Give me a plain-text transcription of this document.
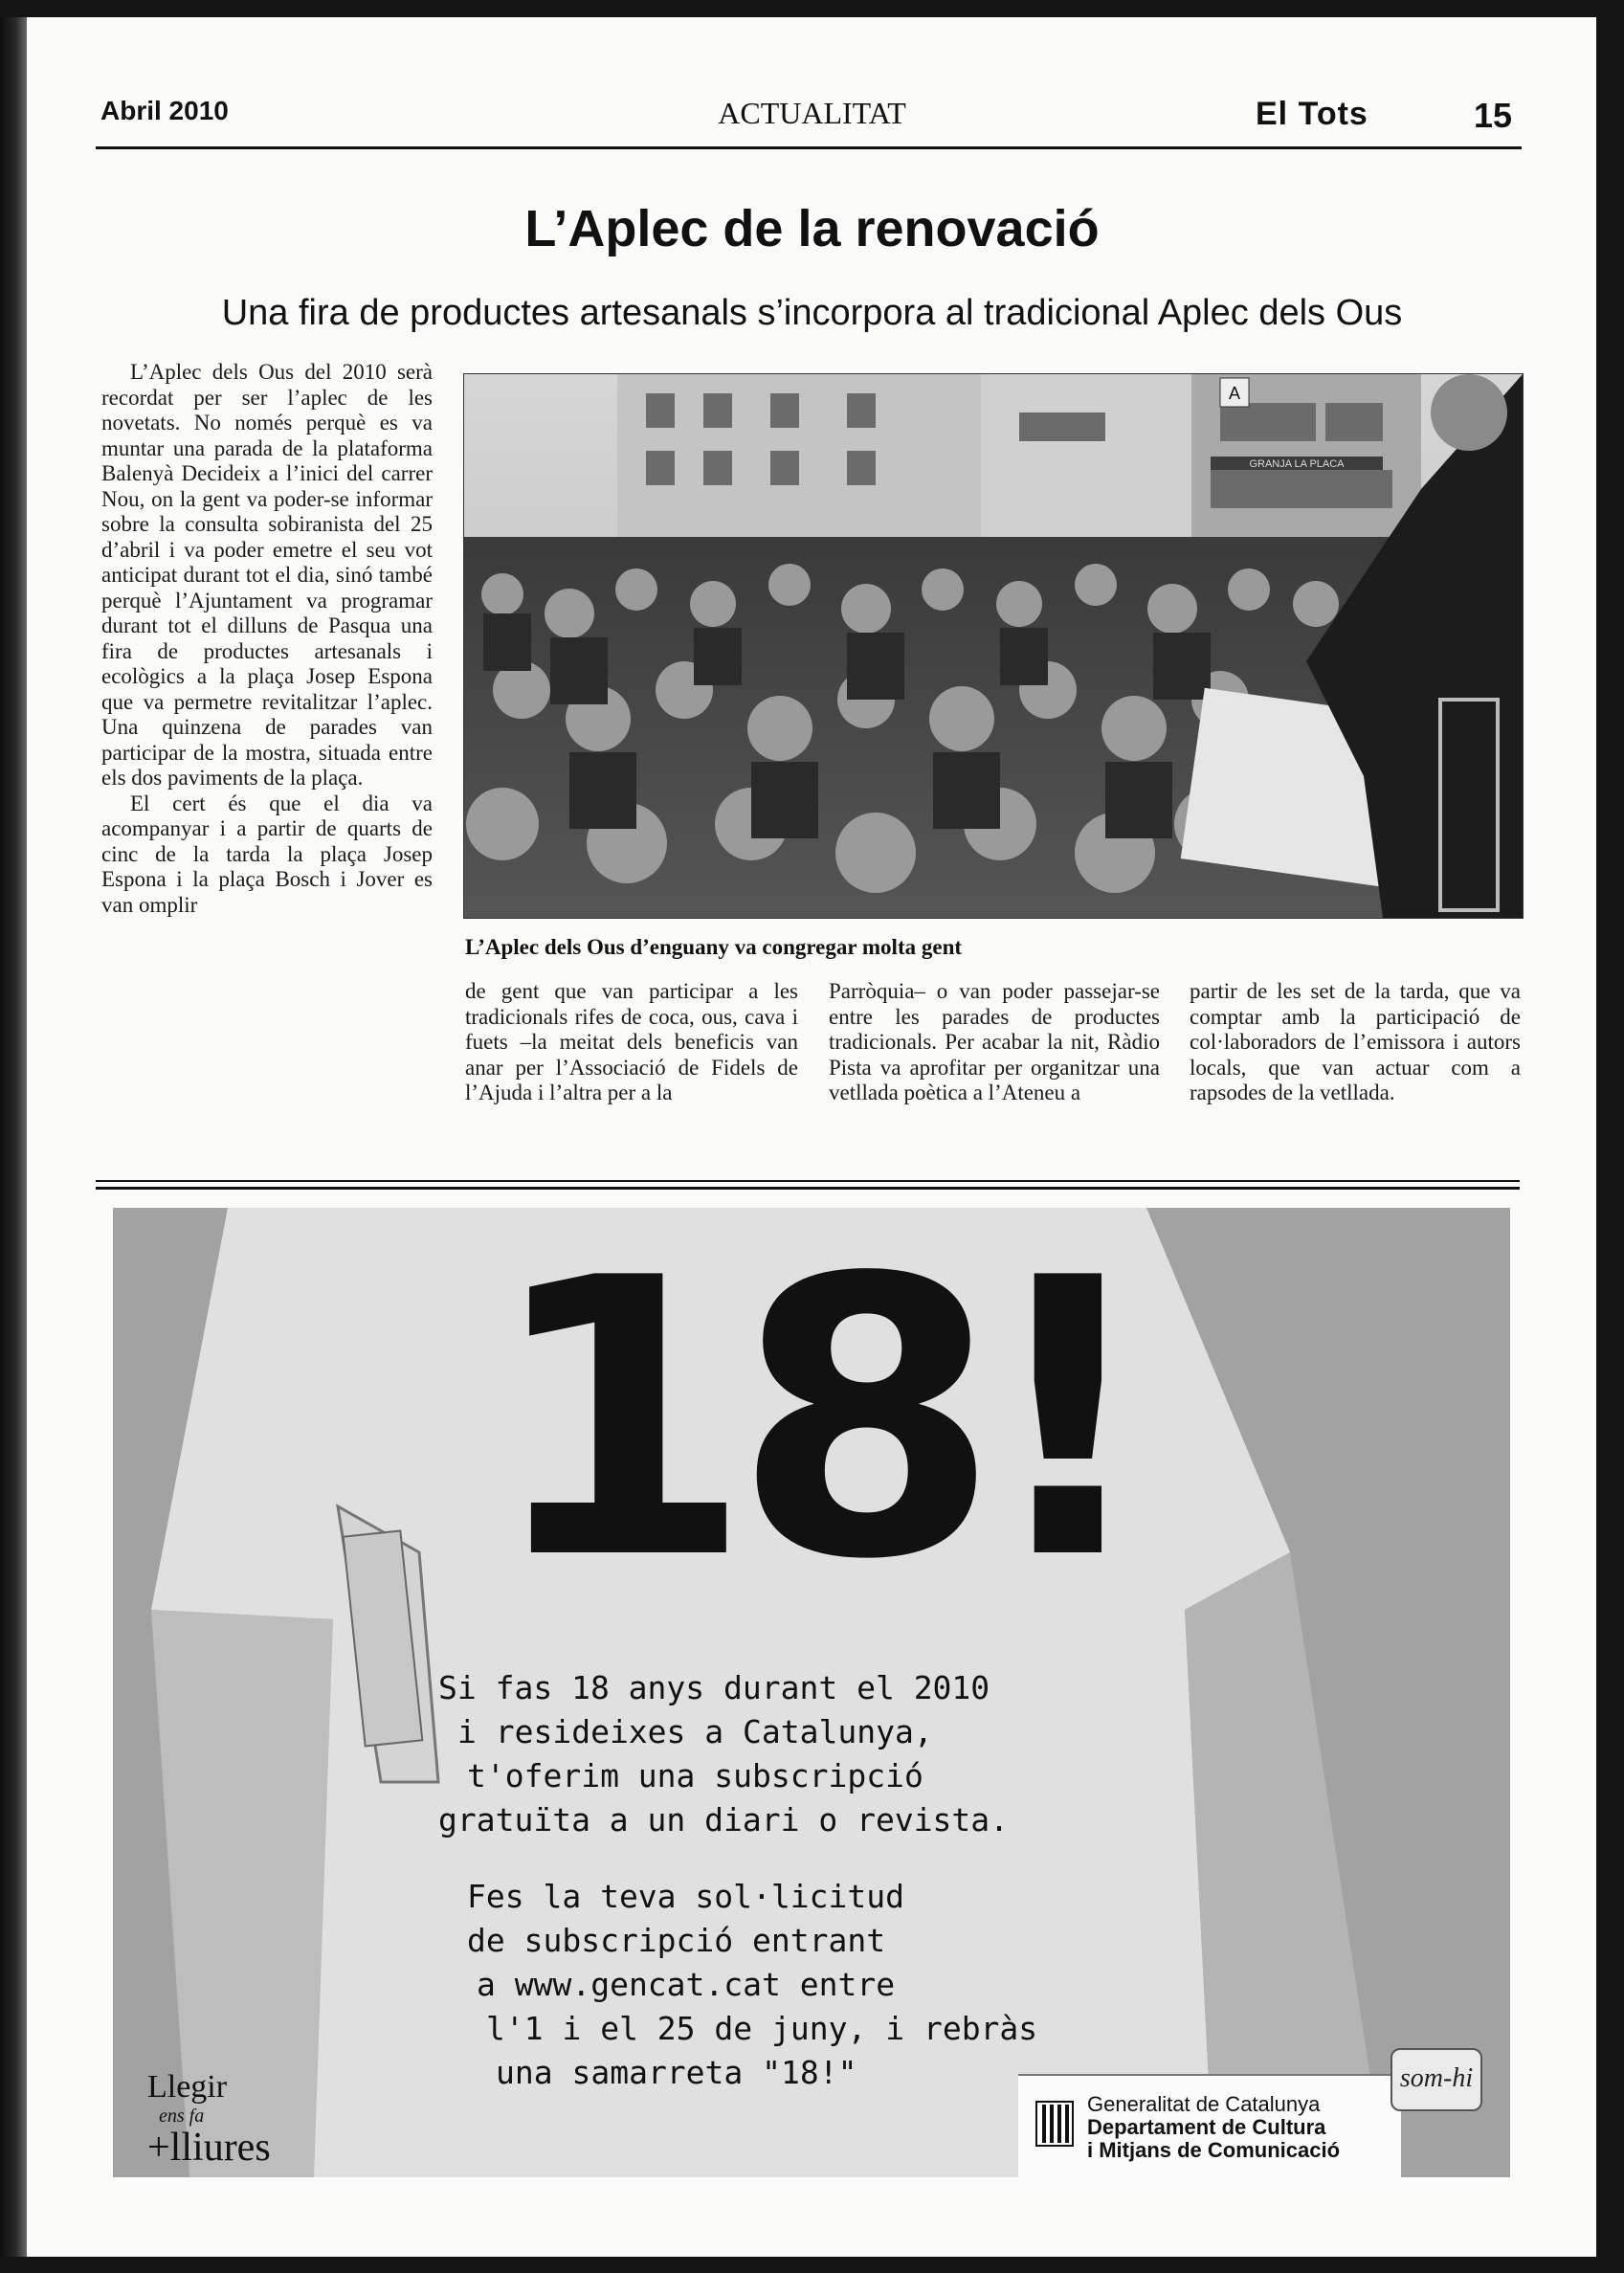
Abril 2010	ACTUALITAT	El Tots	15
L’Aplec de la renovació
Una fira de productes artesanals s’incorpora al tradicional Aplec dels Ous

L’Aplec dels Ous del 2010 serà recordat per ser l’aplec de les novetats. No només perquè es va muntar una parada de la plataforma Balenyà Decideix a l’inici del carrer Nou, on la gent va poder-se informar sobre la consulta sobiranista del 25 d’abril i va poder emetre el seu vot anticipat durant tot el dia, sinó també perquè l’Ajuntament va programar durant tot el dilluns de Pasqua una fira de productes artesanals i ecològics a la plaça Josep Espona que va permetre revitalitzar l’aplec. Una quinzena de parades van participar de la mostra, situada entre els dos paviments de la plaça.

El cert és que el dia va acompanyar i a partir de quarts de cinc de la tarda la plaça Josep Espona i la plaça Bosch i Jover es van omplir

GRANJA LA PLACA
A
L’Aplec dels Ous d’enguany va congregar molta gent

de gent que van participar a les tradicionals rifes de coca, ous, cava i fuets –la meitat dels beneficis van anar per l’Associació de Fidels de l’Ajuda i l’altra per a la

Parròquia– o van poder passejar-se entre les parades de productes tradicionals. Per acabar la nit, Ràdio Pista va aprofitar per organitzar una vetllada poètica a l’Ateneu a

partir de les set de la tarda, que va comptar amb la participació de col·laboradors de l’emissora i autors locals, que van actuar com a rapsodes de la vetllada.

18!
Si fas 18 anys durant el 2010
i resideixes a Catalunya,
t'oferim una subscripció
gratuïta a un diari o revista.
Fes la teva sol·licitud
de subscripció entrant
a www.gencat.cat entre
l'1 i el 25 de juny, i rebràs
una samarreta "18!"
Llegir
ens fa
+lliures
Generalitat de Catalunya
Departament de Cultura
i Mitjans de Comunicació
som-hi
